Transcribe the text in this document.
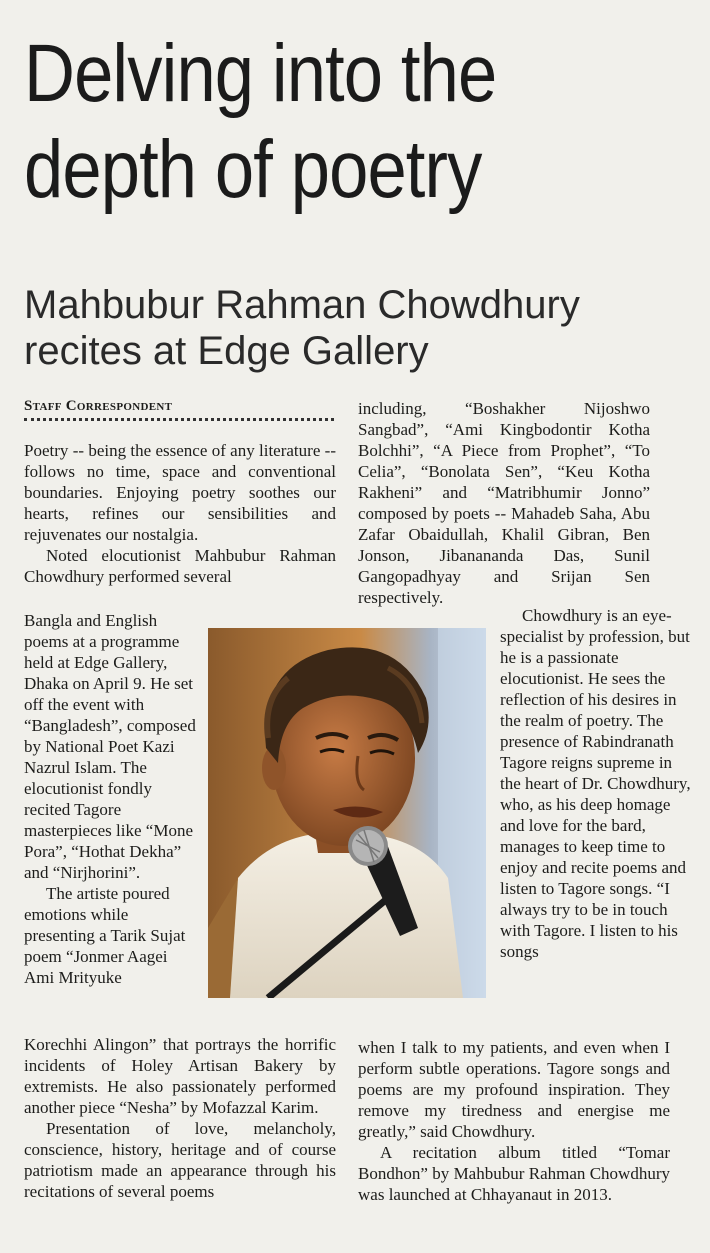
Delving into the
depth of poetry
Mahbubur Rahman Chowdhury
recites at Edge Gallery
Staff Correspondent

Poetry -- being the essence of any literature -- follows no time, space and conventional boundaries. Enjoying poetry soothes our hearts, refines our sensibilities and rejuvenates our nostalgia.

Noted elocutionist Mahbubur Rahman Chowdhury performed several

Bangla and English poems at a programme held at Edge Gallery, Dhaka on April 9. He set off the event with “Bangladesh”, composed by National Poet Kazi Nazrul Islam. The elocutionist fondly recited Tagore masterpieces like “Mone Pora”, “Hothat Dekha” and “Nirjhorini”.

The artiste poured emotions while presenting a Tarik Sujat poem “Jonmer Aagei Ami Mrityuke

Korechhi Alingon” that portrays the horrific incidents of Holey Artisan Bakery by extremists. He also passionately performed another piece “Nesha” by Mofazzal Karim.

Presentation of love, melancholy, conscience, history, heritage and of course patriotism made an appearance through his recitations of several poems

including, “Boshakher Nijoshwo Sangbad”, “Ami Kingbodontir Kotha Bolchhi”, “A Piece from Prophet”, “To Celia”, “Bonolata Sen”, “Keu Kotha Rakheni” and “Matribhumir Jonno” composed by poets -- Mahadeb Saha, Abu Zafar Obaidullah, Khalil Gibran, Ben Jonson, Jibanananda Das, Sunil Gangopadhyay and Srijan Sen respectively.

Chowdhury is an eye-specialist by profession, but he is a passionate elocutionist. He sees the reflection of his desires in the realm of poetry. The presence of Rabindranath Tagore reigns supreme in the heart of Dr. Chowdhury, who, as his deep homage and love for the bard, manages to keep time to enjoy and recite poems and listen to Tagore songs. “I always try to be in touch with Tagore. I listen to his songs

when I talk to my patients, and even when I perform subtle operations. Tagore songs and poems are my profound inspiration. They remove my tiredness and energise me greatly,” said Chowdhury.

A recitation album titled “Tomar Bondhon” by Mahbubur Rahman Chowdhury was launched at Chhayanaut in 2013.
